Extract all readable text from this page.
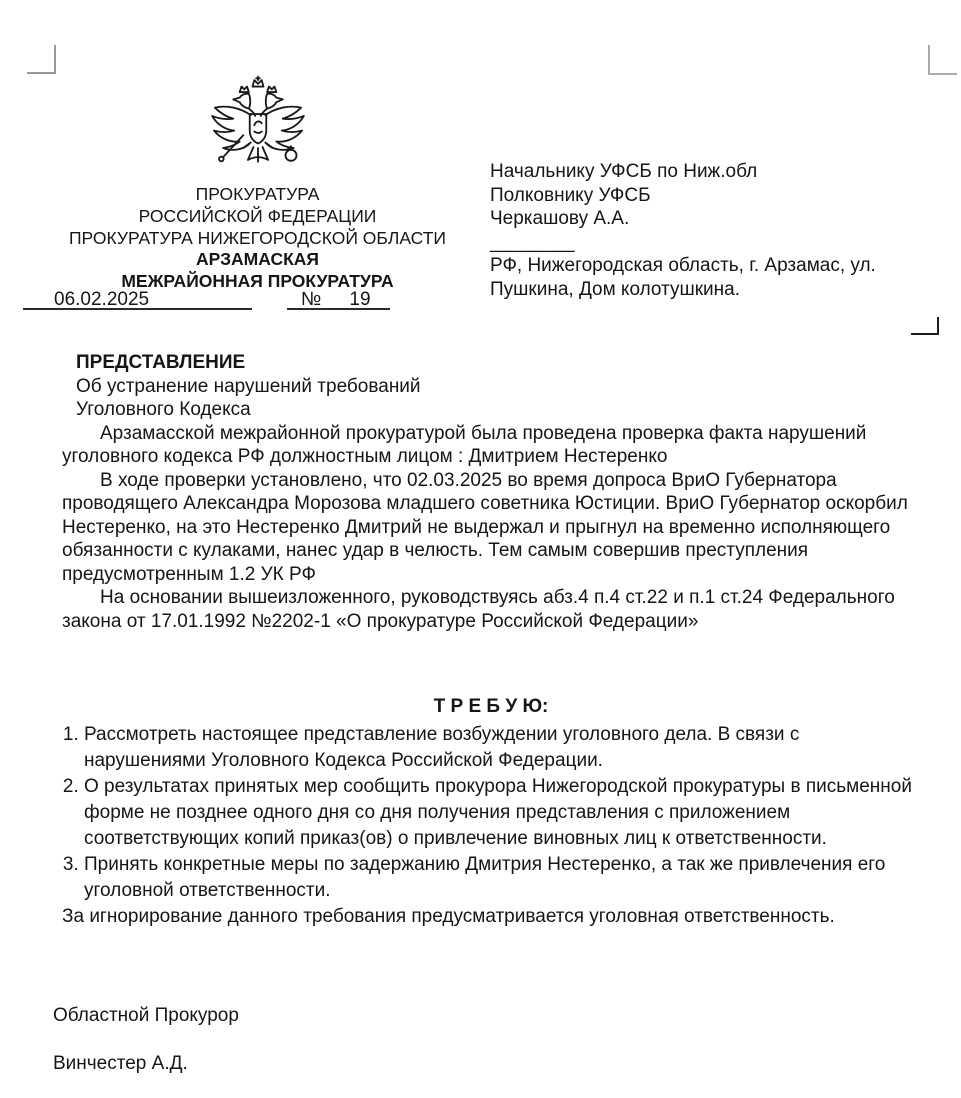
ПРОКУРАТУРА
РОССИЙСКОЙ ФЕДЕРАЦИИ
ПРОКУРАТУРА НИЖЕГОРОДСКОЙ ОБЛАСТИ
АРЗАМАСКАЯ
МЕЖРАЙОННАЯ ПРОКУРАТУРА
06.02.2025	№ 19
Начальнику УФСБ по Ниж.обл
Полковнику УФСБ
Черкашову А.А.
________
РФ, Нижегородская область, г. Арзамас, ул. Пушкина, Дом колотушкина.
ПРЕДСТАВЛЕНИЕ
Об устранение нарушений требований
Уголовного Кодекса

Арзамасской межрайонной прокуратурой была проведена проверка факта нарушений уголовного кодекса РФ должностным лицом : Дмитрием Нестеренко

В ходе проверки установлено, что 02.03.2025 во время допроса ВриО Губернатора проводящего Александра Морозова младшего советника Юстиции. ВриО Губернатор оскорбил Нестеренко, на это Нестеренко Дмитрий не выдержал и прыгнул на временно исполняющего обязанности с кулаками, нанес удар в челюсть. Тем самым совершив преступления предусмотренным 1.2 УК РФ

На основании вышеизложенного, руководствуясь абз.4 п.4 ст.22 и п.1 ст.24 Федерального закона от 17.01.1992 №2202-1 «О прокуратуре Российской Федерации»

Т Р Е Б У Ю:
1. Рассмотреть настоящее представление возбуждении уголовного дела. В связи с нарушениями Уголовного Кодекса Российской Федерации.
2. О результатах принятых мер сообщить прокурора Нижегородской прокуратуры в письменной форме не позднее одного дня со дня получения представления с приложением соответствующих копий приказ(ов) о привлечение виновных лиц к ответственности.
3. Принять конкретные меры по задержанию Дмитрия Нестеренко, а так же привлечения его уголовной ответственности.

За игнорирование данного требования предусматривается уголовная ответственность.

Областной Прокурор
Винчестер А.Д.
